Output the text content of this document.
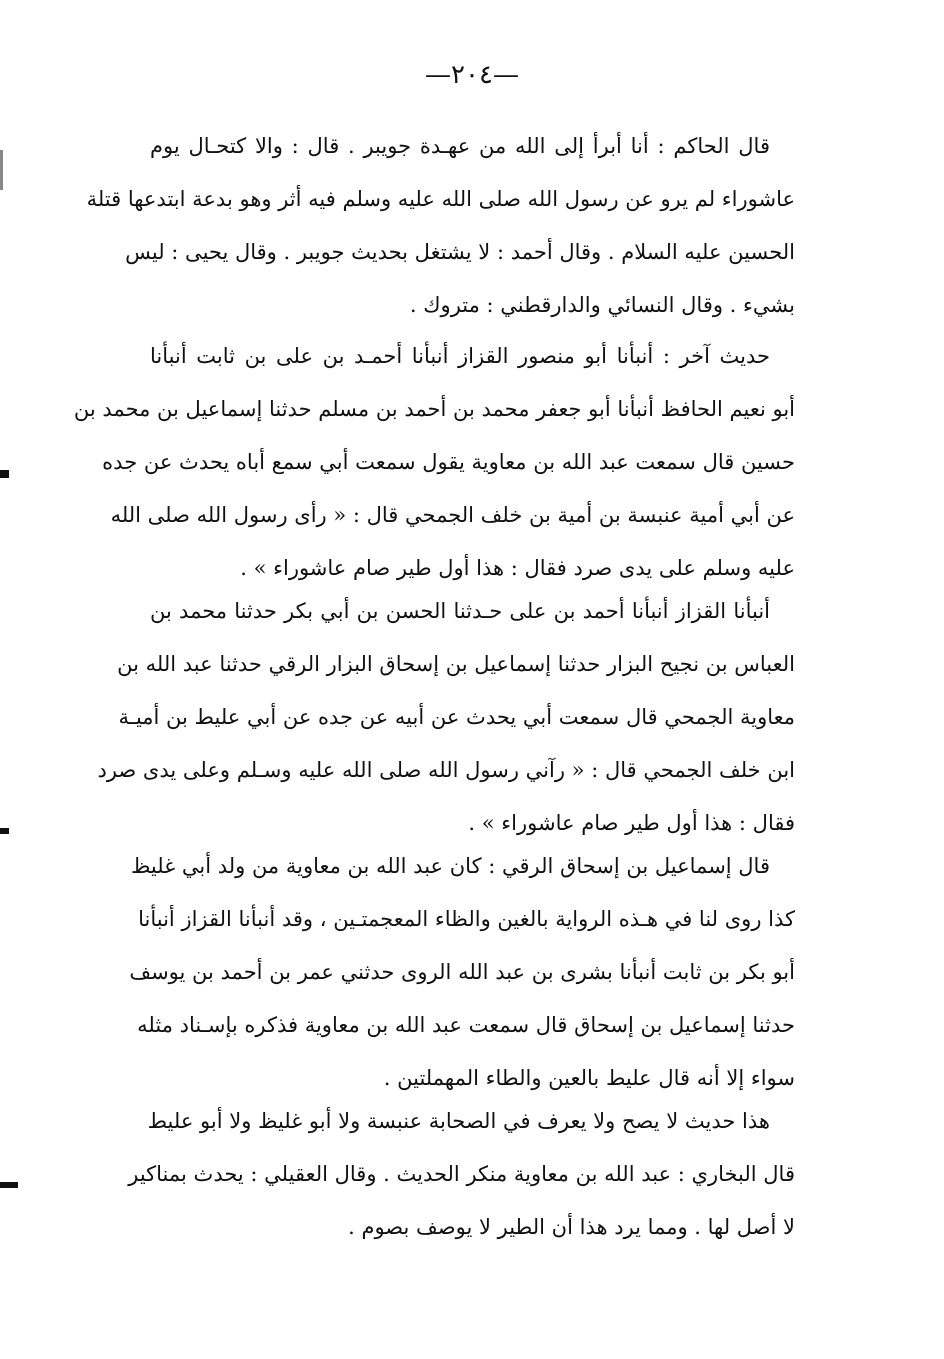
—٢٠٤—
قال الحاكم : أنا أبرأ إلى الله من عهـدة جويبر . قال : والا كتحـال يوم
عاشوراء لم يرو عن رسول الله صلى الله عليه وسلم فيه أثر وهو بدعة ابتدعها قتلة
الحسين عليه السلام . وقال أحمد : لا يشتغل بحديث جويبر . وقال يحيى : ليس
بشيء . وقال النسائي والدارقطني : متروك .
حديث آخر : أنبأنا أبو منصور القزاز أنبأنا أحمـد بن على بن ثابت أنبأنا
أبو نعيم الحافظ أنبأنا أبو جعفر محمد بن أحمد بن مسلم حدثنا إسماعيل بن محمد بن
حسين قال سمعت عبد الله بن معاوية يقول سمعت أبي سمع أباه يحدث عن جده
عن أبي أمية عنبسة بن أمية بن خلف الجمحي قال : « رأى رسول الله صلى الله
عليه وسلم على يدى صرد فقال : هذا أول طير صام عاشوراء » .
أنبأنا القزاز أنبأنا أحمد بن على حـدثنا الحسن بن أبي بكر حدثنا محمد بن
العباس بن نجيح البزار حدثنا إسماعيل بن إسحاق البزار الرقي حدثنا عبد الله بن
معاوية الجمحي قال سمعت أبي يحدث عن أبيه عن جده عن أبي عليط بن أميـة
ابن خلف الجمحي قال : « رآني رسول الله صلى الله عليه وسـلم وعلى يدى صرد
فقال : هذا أول طير صام عاشوراء » .
قال إسماعيل بن إسحاق الرقي : كان عبد الله بن معاوية من ولد أبي غليظ
كذا روى لنا في هـذه الرواية بالغين والظاء المعجمتـين ، وقد أنبأنا القزاز أنبأنا
أبو بكر بن ثابت أنبأنا بشرى بن عبد الله الروى حدثني عمر بن أحمد بن يوسف
حدثنا إسماعيل بن إسحاق قال سمعت عبد الله بن معاوية فذكره بإسـناد مثله
سواء إلا أنه قال عليط بالعين والطاء المهملتين .
هذا حديث لا يصح ولا يعرف في الصحابة عنبسة ولا أبو غليظ ولا أبو عليط
قال البخاري : عبد الله بن معاوية منكر الحديث . وقال العقيلي : يحدث بمناكير
لا أصل لها . ومما يرد هذا أن الطير لا يوصف بصوم .
